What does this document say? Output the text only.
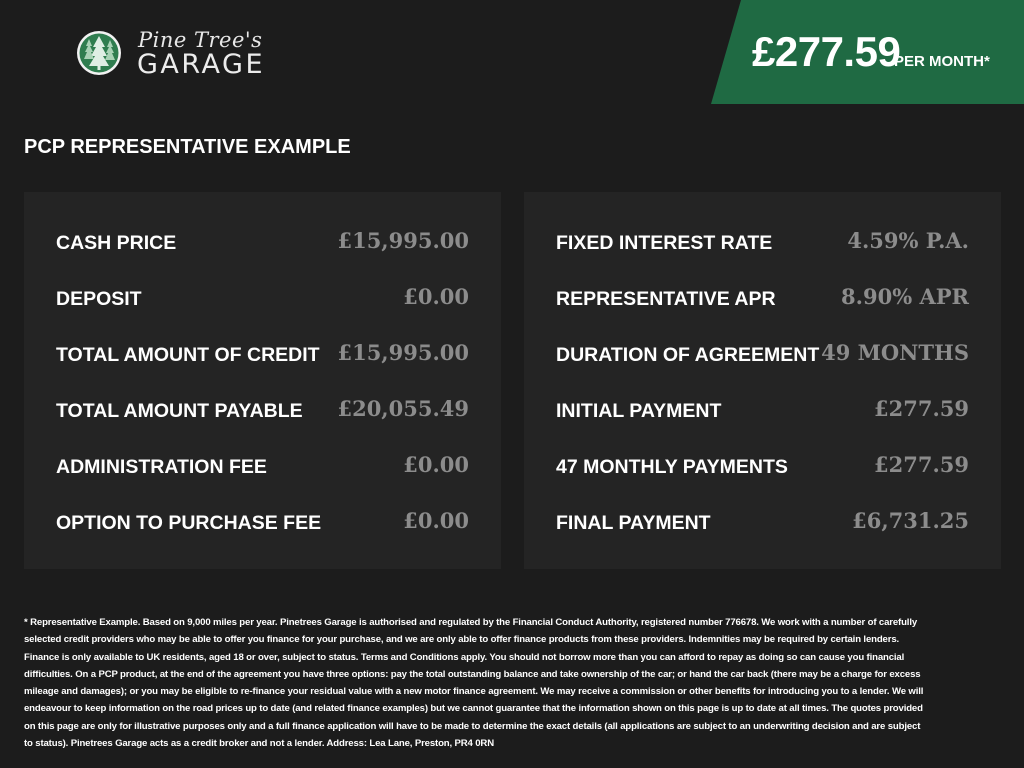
Pine Tree's
GARAGE	£277.59
PER MONTH*
PCP REPRESENTATIVE EXAMPLE
CASH PRICE	£15,995.00
DEPOSIT	£0.00
TOTAL AMOUNT OF CREDIT £15,995.00
TOTAL AMOUNT PAYABLE £20,055.49
ADMINISTRATION FEE	£0.00
OPTION TO PURCHASE FEE	£0.00
FIXED INTEREST RATE	4.59% P.A.
REPRESENTATIVE APR	8.90% APR
DURATION OF AGREEMENT 49 MONTHS
INITIAL PAYMENT	£277.59
47 MONTHLY PAYMENTS	£277.59
FINAL PAYMENT	£6,731.25
* Representative Example. Based on 9,000 miles per year. Pinetrees Garage is authorised and regulated by the Financial Conduct Authority, registered number 776678. We work with a number of carefully selected credit providers who may be able to offer you finance for your purchase, and we are only able to offer finance products from these providers. Indemnities may be required by certain lenders. Finance is only available to UK residents, aged 18 or over, subject to status. Terms and Conditions apply. You should not borrow more than you can afford to repay as doing so can cause you financial difficulties. On a PCP product, at the end of the agreement you have three options: pay the total outstanding balance and take ownership of the car; or hand the car back (there may be a charge for excess mileage and damages); or you may be eligible to re-finance your residual value with a new motor finance agreement. We may receive a commission or other benefits for introducing you to a lender. We will endeavour to keep information on the road prices up to date (and related finance examples) but we cannot guarantee that the information shown on this page is up to date at all times. The quotes provided on this page are only for illustrative purposes only and a full finance application will have to be made to determine the exact details (all applications are subject to an underwriting decision and are subject to status). Pinetrees Garage acts as a credit broker and not a lender. Address: Lea Lane, Preston, PR4 0RN
